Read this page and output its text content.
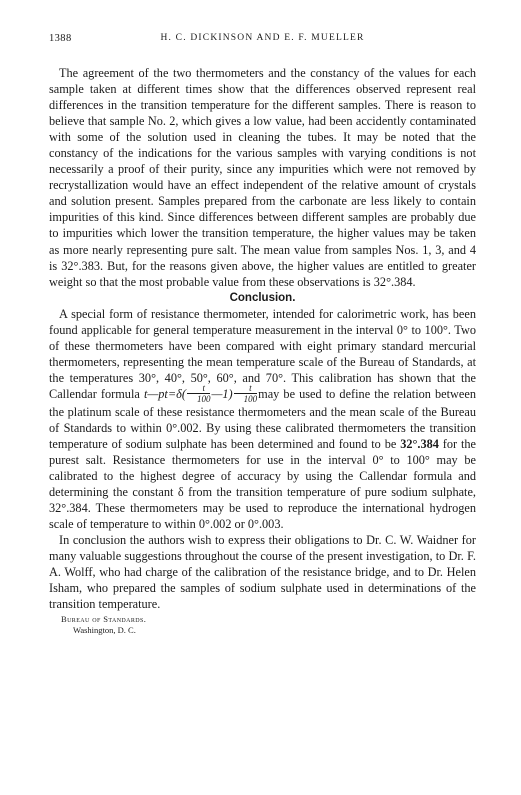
1388	H. C. DICKINSON AND E. F. MUELLER

The agreement of the two thermometers and the constancy of the values for each sample taken at different times show that the differences observed represent real differences in the transition temperature for the different samples. There is reason to believe that sample No. 2, which gives a low value, had been accidently contaminated with some of the solution used in cleaning the tubes. It may be noted that the constancy of the indications for the various samples with varying conditions is not necessarily a proof of their purity, since any impurities which were not removed by recrystallization would have an effect independent of the relative amount of crystals and solution present. Samples prepared from the carbonate are less likely to contain impurities of this kind. Since differences between different samples are probably due to impurities which lower the transition temperature, the higher values may be taken as more nearly representing pure salt. The mean value from samples Nos. 1, 3, and 4 is 32°.383. But, for the reasons given above, the higher values are entitled to greater weight so that the most probable value from these observations is 32°.384.

Conclusion.

A special form of resistance thermometer, intended for calorimetric work, has been found applicable for general temperature measurement in the interval 0° to 100°. Two of these thermometers have been compared with eight primary standard mercurial thermometers, representing the mean temperature scale of the Bureau of Standards, at the temperatures 30°, 40°, 50°, 60°, and 70°. This calibration has shown that the Callendar formula t—pt=δ( $\frac{t}{100}$ —1) $\frac{t}{100}$ may be used to define the relation between the platinum scale of these resistance thermometers and the mean scale of the Bureau of Standards to within 0°.002. By using these calibrated thermometers the transition temperature of sodium sulphate has been determined and found to be 32°.384 for the purest salt. Resistance thermometers for use in the interval 0° to 100° may be calibrated to the highest degree of accuracy by using the Callendar formula and determining the constant δ from the transition temperature of pure sodium sulphate, 32°.384. These thermometers may be used to reproduce the international hydrogen scale of temperature to within 0°.002 or 0°.003.

In conclusion the authors wish to express their obligations to Dr. C. W. Waidner for many valuable suggestions throughout the course of the present investigation, to Dr. F. A. Wolff, who had charge of the calibration of the resistance bridge, and to Dr. Helen Isham, who prepared the samples of sodium sulphate used in determinations of the transition temperature.

Bureau of Standards.
Washington, D. C.
